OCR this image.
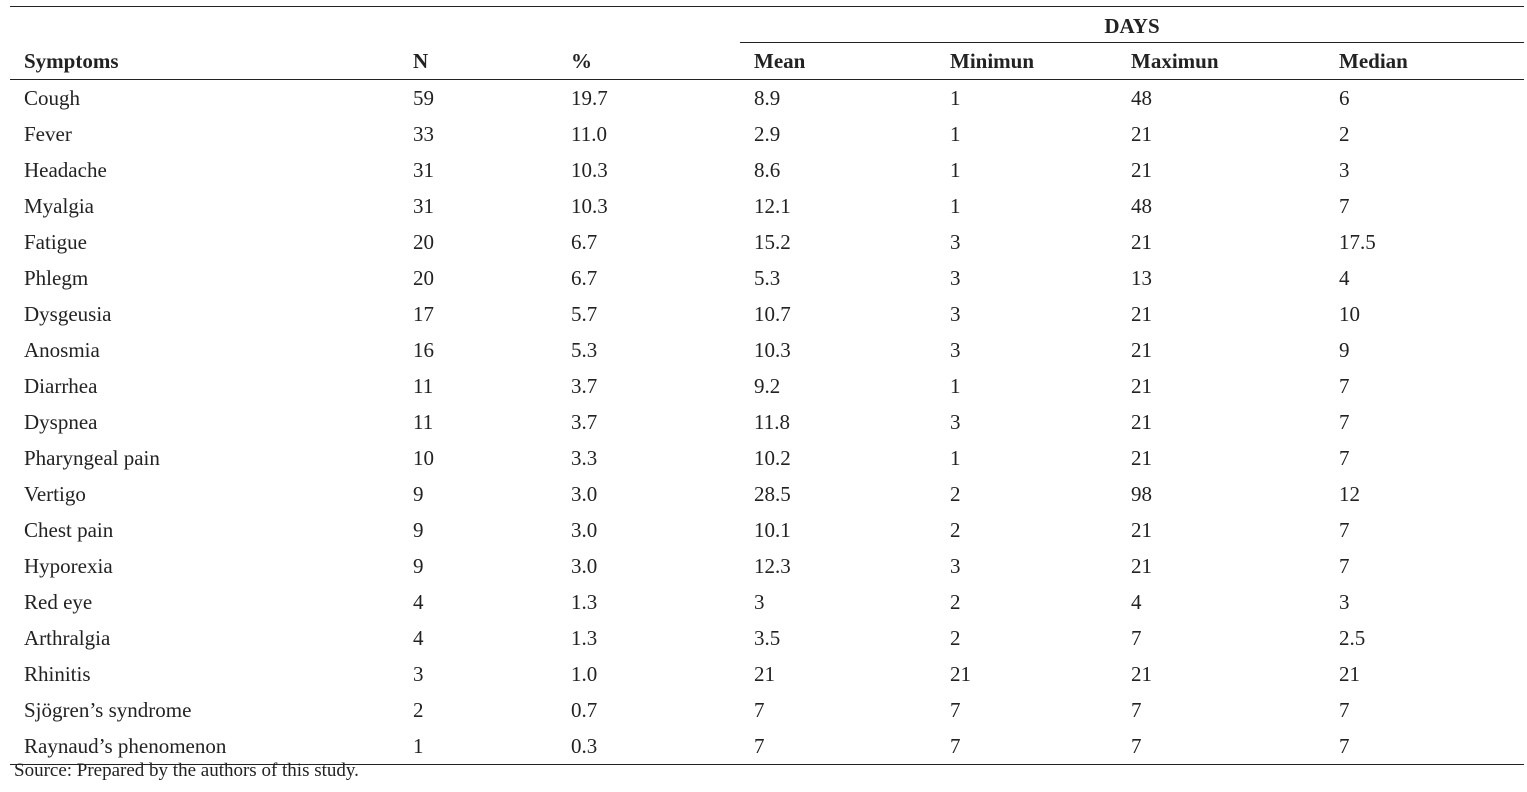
DAYS
Symptoms	N	%	Mean	Minimun	Maximun	Median
Cough	59	19.7	8.9	1	48	6
Fever	33	11.0	2.9	1	21	2
Headache	31	10.3	8.6	1	21	3
Myalgia	31	10.3	12.1	1	48	7
Fatigue	20	6.7	15.2	3	21	17.5
Phlegm	20	6.7	5.3	3	13	4
Dysgeusia	17	5.7	10.7	3	21	10
Anosmia	16	5.3	10.3	3	21	9
Diarrhea	11	3.7	9.2	1	21	7
Dyspnea	11	3.7	11.8	3	21	7
Pharyngeal pain	10	3.3	10.2	1	21	7
Vertigo	9	3.0	28.5	2	98	12
Chest pain	9	3.0	10.1	2	21	7
Hyporexia	9	3.0	12.3	3	21	7
Red eye	4	1.3	3	2	4	3
Arthralgia	4	1.3	3.5	2	7	2.5
Rhinitis	3	1.0	21	21	21	21
Sjögren’s syndrome	2	0.7	7	7	7	7
Raynaud’s phenomenon	1	0.3	7	7	7	7
Source: Prepared by the authors of this study.
